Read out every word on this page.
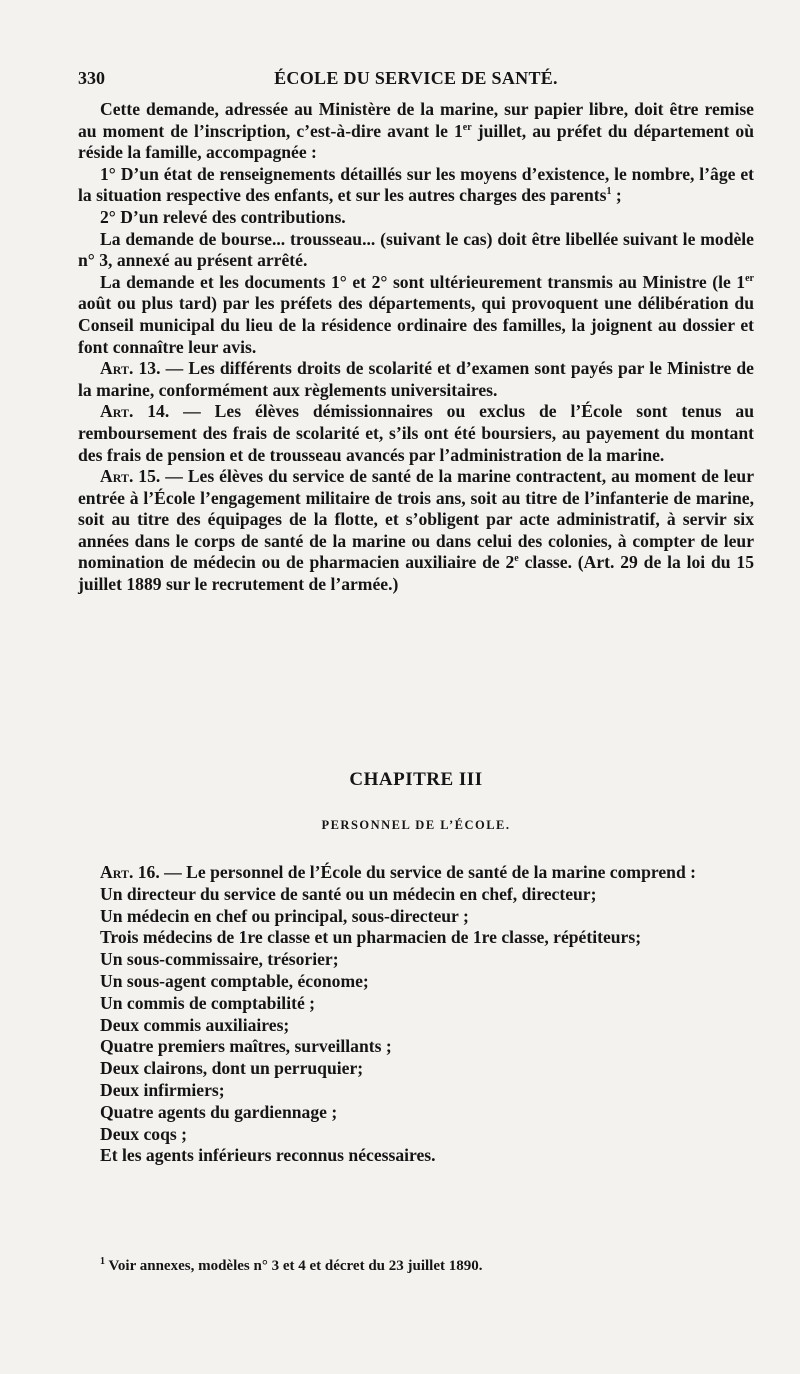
330	ÉCOLE DU SERVICE DE SANTÉ.

Cette demande, adressée au Ministère de la marine, sur papier libre, doit être remise au moment de l’inscription, c’est-à-dire avant le 1er juillet, au préfet du département où réside la famille, accompagnée :

1° D’un état de renseignements détaillés sur les moyens d’existence, le nombre, l’âge et la situation respective des enfants, et sur les autres charges des parents$^1$ ;

2° D’un relevé des contributions.

La demande de bourse... trousseau... (suivant le cas) doit être libellée suivant le modèle n° 3, annexé au présent arrêté.

La demande et les documents 1° et 2° sont ultérieurement transmis au Ministre (le 1er août ou plus tard) par les préfets des départements, qui provoquent une délibération du Conseil municipal du lieu de la résidence ordinaire des familles, la joignent au dossier et font connaître leur avis.

Art. 13. — Les différents droits de scolarité et d’examen sont payés par le Ministre de la marine, conformément aux règlements universitaires.

Art. 14. — Les élèves démissionnaires ou exclus de l’École sont tenus au remboursement des frais de scolarité et, s’ils ont été boursiers, au payement du montant des frais de pension et de trousseau avancés par l’administration de la marine.

Art. 15. — Les élèves du service de santé de la marine contractent, au moment de leur entrée à l’École l’engagement militaire de trois ans, soit au titre de l’infanterie de marine, soit au titre des équipages de la flotte, et s’obligent par acte administratif, à servir six années dans le corps de santé de la marine ou dans celui des colonies, à compter de leur nomination de médecin ou de pharmacien auxiliaire de 2e classe. (Art. 29 de la loi du 15 juillet 1889 sur le recrutement de l’armée.)

CHAPITRE III
PERSONNEL DE L’ÉCOLE.

Art. 16. — Le personnel de l’École du service de santé de la marine comprend :

Un directeur du service de santé ou un médecin en chef, directeur;
Un médecin en chef ou principal, sous-directeur ;
Trois médecins de 1re classe et un pharmacien de 1re classe, répétiteurs;
Un sous-commissaire, trésorier;
Un sous-agent comptable, économe;
Un commis de comptabilité ;
Deux commis auxiliaires;
Quatre premiers maîtres, surveillants ;
Deux clairons, dont un perruquier;
Deux infirmiers;
Quatre agents du gardiennage ;
Deux coqs ;
Et les agents inférieurs reconnus nécessaires.
$^1$ Voir annexes, modèles n° 3 et 4 et décret du 23 juillet 1890.
